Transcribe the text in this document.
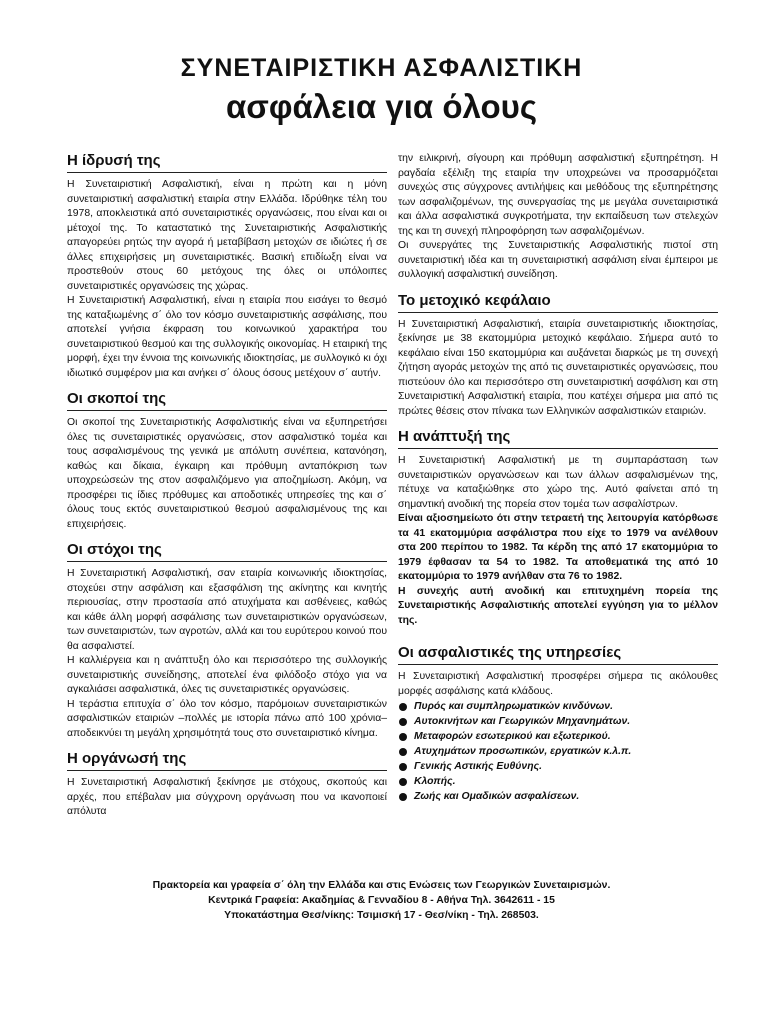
ΣΥΝΕΤΑΙΡΙΣΤΙΚΗ ΑΣΦΑΛΙΣΤΙΚΗ
ασφάλεια για όλους
Η ίδρυσή της

Η Συνεταιριστική Ασφαλιστική, είναι η πρώτη και η μόνη συνεταιριστική ασφαλιστική εταιρία στην Ελλάδα. Ιδρύθηκε τέλη του 1978, αποκλειστικά από συνεταιριστικές οργανώσεις, που είναι και οι μέτοχοί της. Το καταστατικό της Συνεταιριστικής Ασφαλιστικής απαγορεύει ρητώς την αγορά ή μεταβίβαση μετοχών σε ιδιώτες ή σε άλλες επιχειρήσεις μη συνεταιριστικές. Βασική επιδίωξη είναι να προστεθούν στους 60 μετόχους της όλες οι υπόλοιπες συνεταιριστικές οργανώσεις της χώρας.

Η Συνεταιριστική Ασφαλιστική, είναι η εταιρία που εισάγει το θεσμό της καταξιωμένης σ΄ όλο τον κόσμο συνεταιριστικής ασφάλισης, που αποτελεί γνήσια έκφραση του κοινωνικού χαρακτήρα του συνεταιριστικού θεσμού και της συλλογικής οικονομίας. Η εταιρική της μορφή, έχει την έννοια της κοινωνικής ιδιοκτησίας, με συλλογικό κι όχι ιδιωτικό συμφέρον μια και ανήκει σ΄ όλους όσους μετέχουν σ΄ αυτήν.

Οι σκοποί της

Οι σκοποί της Συνεταιριστικής Ασφαλιστικής είναι να εξυπηρετήσει όλες τις συνεταιριστικές οργανώσεις, στον ασφαλιστικό τομέα και τους ασφαλισμένους της γενικά με απόλυτη συνέπεια, κατανόηση, καθώς και δίκαια, έγκαιρη και πρόθυμη ανταπόκριση των υποχρεώσεών της στον ασφαλιζόμενο για αποζημίωση. Ακόμη, να προσφέρει τις ίδιες πρόθυμες και αποδοτικές υπηρεσίες της και σ΄ όλους τους εκτός συνεταιριστικού θεσμού ασφαλισμένους της και επιχειρήσεις.

Οι στόχοι της

Η Συνεταιριστική Ασφαλιστική, σαν εταιρία κοινωνικής ιδιοκτησίας, στοχεύει στην ασφάλιση και εξασφάλιση της ακίνητης και κινητής περιουσίας, στην προστασία από ατυχήματα και ασθένειες, καθώς και κάθε άλλη μορφή ασφάλισης των συνεταιριστικών οργανώσεων, των συνεταιριστών, των αγροτών, αλλά και του ευρύτερου κοινού που θα ασφαλιστεί.

Η καλλιέργεια και η ανάπτυξη όλο και περισσότερο της συλλογικής συνεταιριστικής συνείδησης, αποτελεί ένα φιλόδοξο στόχο για να αγκαλιάσει ασφαλιστικά, όλες τις συνεταιριστικές οργανώσεις.

Η τεράστια επιτυχία σ΄ όλο τον κόσμο, παρόμοιων συνεταιριστικών ασφαλιστικών εταιριών –πολλές με ιστορία πάνω από 100 χρόνια– αποδεικνύει τη μεγάλη χρησιμότητά τους στο συνεταιριστικό κίνημα.

Η οργάνωσή της

Η Συνεταιριστική Ασφαλιστική ξεκίνησε με στόχους, σκοπούς και αρχές, που επέβαλαν μια σύγχρονη οργάνωση που να ικανοποιεί απόλυτα

την ειλικρινή, σίγουρη και πρόθυμη ασφαλιστική εξυπηρέτηση. Η ραγδαία εξέλιξη της εταιρία την υποχρεώνει να προσαρμόζεται συνεχώς στις σύγχρονες αντιλήψεις και μεθόδους της εξυπηρέτησης των ασφαλιζομένων, της συνεργασίας της με μεγάλα συνεταιριστικά και άλλα ασφαλιστικά συγκροτήματα, την εκπαίδευση των στελεχών της και τη συνεχή πληροφόρηση των ασφαλιζομένων.

Οι συνεργάτες της Συνεταιριστικής Ασφαλιστικής πιστοί στη συνεταιριστική ιδέα και τη συνεταιριστική ασφάλιση είναι έμπειροι με συλλογική ασφαλιστική συνείδηση.

Το μετοχικό κεφάλαιο

Η Συνεταιριστική Ασφαλιστική, εταιρία συνεταιριστικής ιδιοκτησίας, ξεκίνησε με 38 εκατομμύρια μετοχικό κεφάλαιο. Σήμερα αυτό το κεφάλαιο είναι 150 εκατομμύρια και αυξάνεται διαρκώς με τη συνεχή ζήτηση αγοράς μετοχών της από τις συνεταιριστικές οργανώσεις, που πιστεύουν όλο και περισσότερο στη συνεταιριστική ασφάλιση και στη Συνεταιριστική Ασφαλιστική εταιρία, που κατέχει σήμερα μια από τις πρώτες θέσεις στον πίνακα των Ελληνικών ασφαλιστικών εταιριών.

Η ανάπτυξή της

Η Συνεταιριστική Ασφαλιστική με τη συμπαράσταση των συνεταιριστικών οργανώσεων και των άλλων ασφαλισμένων της, πέτυχε να καταξιώθηκε στο χώρο της. Αυτό φαίνεται από τη σημαντική ανοδική της πορεία στον τομέα των ασφαλίστρων.

Είναι αξιοσημείωτο ότι στην τετραετή της λειτουργία κατόρθωσε τα 41 εκατομμύρια ασφάλιστρα που είχε το 1979 να ανέλθουν στα 200 περίπου το 1982. Τα κέρδη της από 17 εκατομμύρια το 1979 έφθασαν τα 54 το 1982. Τα αποθεματικά της από 10 εκατομμύρια το 1979 ανήλθαν στα 76 το 1982.

Η συνεχής αυτή ανοδική και επιτυχημένη πορεία της Συνεταιριστικής Ασφαλιστικής αποτελεί εγγύηση για το μέλλον της.

Οι ασφαλιστικές της υπηρεσίες

Η Συνεταιριστική Ασφαλιστική προσφέρει σήμερα τις ακόλουθες μορφές ασφάλισης κατά κλάδους.

Πυρός και συμπληρωματικών κινδύνων.
Αυτοκινήτων και Γεωργικών Μηχανημάτων.
Μεταφορών εσωτερικού και εξωτερικού.
Ατυχημάτων προσωπικών, εργατικών κ.λ.π.
Γενικής Αστικής Ευθύνης.
Κλοπής.
Ζωής και Ομαδικών ασφαλίσεων.
Πρακτορεία και γραφεία σ΄ όλη την Ελλάδα και στις Ενώσεις των Γεωργικών Συνεταιρισμών.
Κεντρικά Γραφεία: Ακαδημίας & Γενναδίου 8 - Αθήνα Τηλ. 3642611 - 15
Υποκατάστημα Θεσ/νίκης: Τσιμισκή 17 - Θεσ/νίκη - Τηλ. 268503.
